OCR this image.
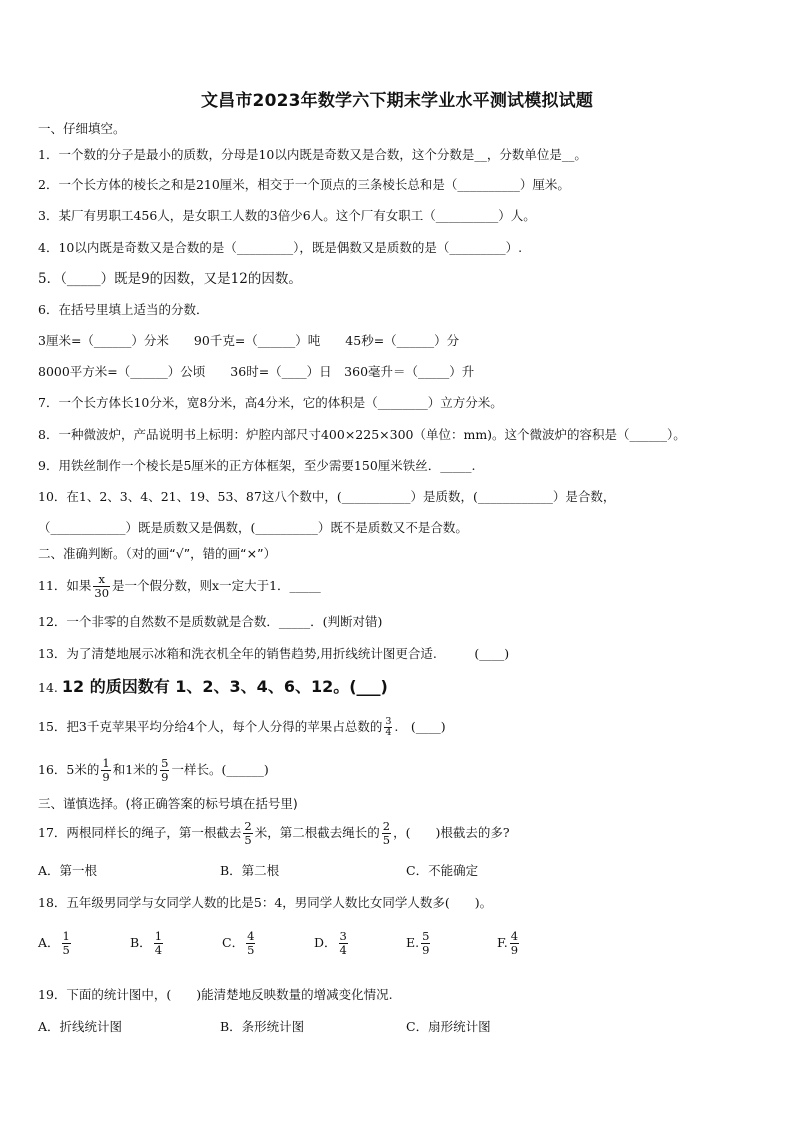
文昌市2023年数学六下期末学业水平测试模拟试题
一、仔细填空。
1．一个数的分子是最小的质数，分母是10以内既是奇数又是合数，这个分数是__，分数单位是__。
2．一个长方体的棱长之和是210厘米，相交于一个顶点的三条棱长总和是（__________）厘米。
3．某厂有男职工456人，是女职工人数的3倍少6人。这个厂有女职工（__________）人。
4．10以内既是奇数又是合数的是（_________），既是偶数又是质数的是（_________）.
5．（_____）既是9的因数，又是12的因数。
6．在括号里填上适当的分数．
3厘米=（______）分米　　90千克=（______）吨　　45秒=（______）分
8000平方米=（______）公顷　　36时=（____）日　360毫升＝（_____）升
7．一个长方体长10分米，宽8分米，高4分米，它的体积是（________）立方分米。
8．一种微波炉，产品说明书上标明：炉腔内部尺寸400×225×300（单位：mm)。这个微波炉的容积是（______）。
9．用铁丝制作一个棱长是5厘米的正方体框架，至少需要150厘米铁丝．_____.
10．在1、2、3、4、21、19、53、87这八个数中，(___________）是质数，(____________）是合数，
（____________）既是质数又是偶数，(__________）既不是质数又不是合数。
二、准确判断。（对的画“√”，错的画“×”）
11．如果 $\frac{x}{30}$ 是一个假分数，则x一定大于1．_____
12．一个非零的自然数不是质数就是合数．_____．(判断对错)
13．为了清楚地展示冰箱和洗衣机全年的销售趋势,用折线统计图更合适.　　　(____)
14. 12 的质因数有 1、2、3、4、6、12。(___)
15．把3千克苹果平均分给4个人，每个人分得的苹果占总数的 $\frac{3}{4}$ .　(____)
16．5米的 $\frac{1}{9}$ 和1米的 $\frac{5}{9}$ 一样长。(______)
三、谨慎选择。(将正确答案的标号填在括号里)
17．两根同样长的绳子，第一根截去 $\frac{2}{5}$ 米，第二根截去绳长的 $\frac{2}{5}$ ，(　　)根截去的多?
A．第一根	B．第二根	C．不能确定
18．五年级男同学与女同学人数的比是5：4，男同学人数比女同学人数多(　　)。
A． $\frac{1}{5}$	B． $\frac{1}{4}$	C． $\frac{4}{5}$	D． $\frac{3}{4}$	E. $\frac{5}{9}$	F. $\frac{4}{9}$
19．下面的统计图中，(　　)能清楚地反映数量的增减变化情况.
A．折线统计图	B．条形统计图	C．扇形统计图
